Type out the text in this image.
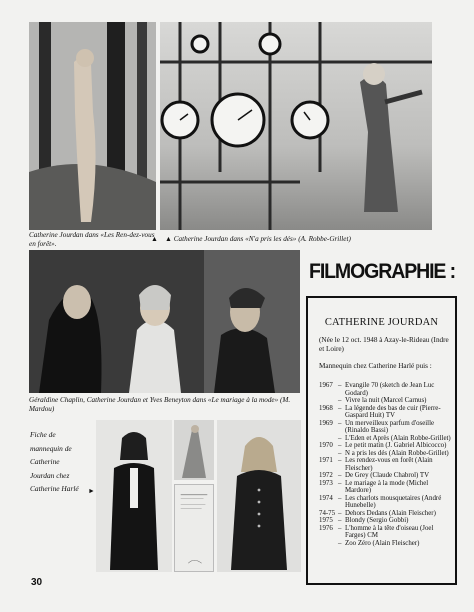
Catherine Jourdan dans «Les Ren-dez-vous en forêt».

▲ Catherine Jourdan dans «N'a pris les dés» (A. Robbe-Grillet)

▲

Géraldine Chaplin, Catherine Jourdan et Yves Beneyton dans «Le mariage à la mode» (M. Mardou)

Fiche de mannequin de Catherine Jourdan chez Catherine Harlé	►
FILMOGRAPHIE :
CATHERINE JOURDAN
(Née le 12 oct. 1948 à Azay-le-Rideau (Indre et Loire)
Mannequin chez Catherine Harlé puis :
1967 – Evangile 70 (sketch de Jean Luc Godard)
– Vivre la nuit (Marcel Carnus)
1968 – La légende des bas de cuir (Pierre-Gaspard Huit) TV
1969 – Un merveilleux parfum d'oseille (Rinaldo Bassi)
– L'Eden et Après (Alain Robbe-Grillet)
1970 – Le petit matin (J. Gabriel Albicocco)
– N a pris les dés (Alain Robbe-Grillet)
1971 – Les rendez-vous en forêt (Alain Fleischer)
1972 – De Grey (Claude Chabrol) TV
1973 – Le mariage à la mode (Michel Mardore)
1974 – Les charlots mousquetaires (André Hunebelle)
74-75 – Dehors Dedans (Alain Fleischer)
1975 – Blondy (Sergio Gobbi)
1976 – L'homme à la tête d'oiseau (Joel Farges) CM
– Zoo Zéro (Alain Fleischer)
30
